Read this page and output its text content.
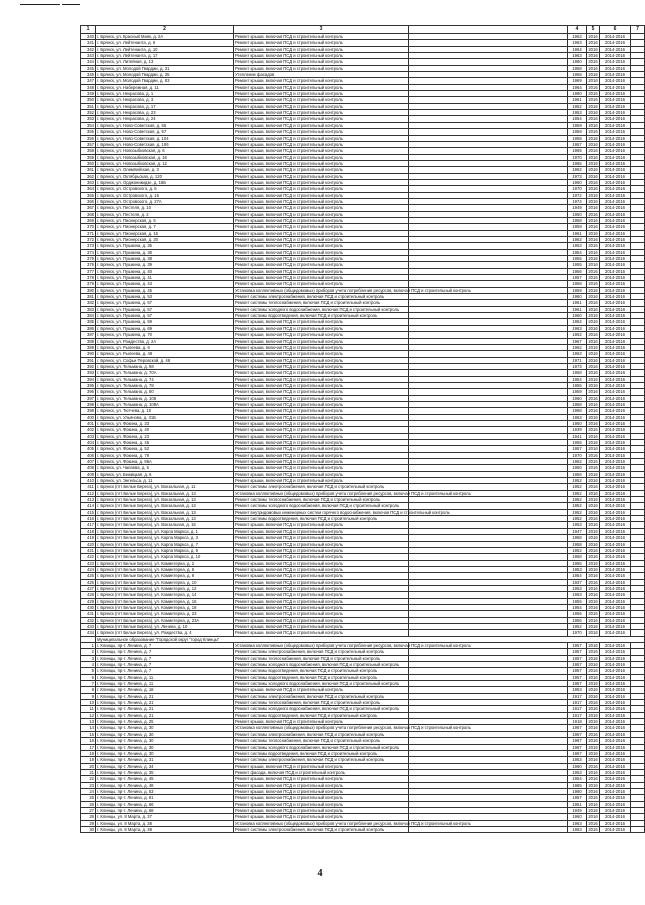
1	2	3		4	5	6	7
340	г. Брянск, ул. Красный Маяк, д. 2А	Ремонт крыши, включая ПСД и строительный контроль		1963	2016	2014-2016	
341	г. Брянск, ул. Лейтенанта, д. 6	Ремонт крыши, включая ПСД и строительный контроль		1963	2016	2014-2016	
342	г. Брянск, ул. Лейтенанта, д. 10	Ремонт крыши, включая ПСД и строительный контроль		1964	2016	2014-2016	
343	г. Брянск, ул. Лейтенанта, д. 17	Ремонт крыши, включая ПСД и строительный контроль		1963	2016	2014-2016	
344	г. Брянск, ул. Литейная, д. 13	Ремонт крыши, включая ПСД и строительный контроль		1960	2016	2014-2016	
345	г. Брянск, ул. Молодой Гвардии, д. 31	Ремонт крыши, включая ПСД и строительный контроль		1958	2016	2014-2016	
346	г. Брянск, ул. Молодой Гвардии, д. 35	Утепление фасадов		1958	2016	2014-2016	
347	г. Брянск, ул. Молодой Гвардии, д. 83	Ремонт крыши, включая ПСД и строительный контроль		1969	2016	2014-2016	
348	г. Брянск, ул. Набережная, д. 11	Ремонт крыши, включая ПСД и строительный контроль		1964	2016	2014-2016	
349	г. Брянск, ул. Некрасова, д. 1	Ремонт крыши, включая ПСД и строительный контроль		1960	2016	2014-2016	
350	г. Брянск, ул. Некрасова, д. 3	Ремонт крыши, включая ПСД и строительный контроль		1961	2016	2014-2016	
351	г. Брянск, ул. Некрасова, д. 17	Ремонт крыши, включая ПСД и строительный контроль		1952	2016	2014-2016	
352	г. Брянск, ул. Некрасова, д. 23	Ремонт крыши, включая ПСД и строительный контроль		1953	2016	2014-2016	
353	г. Брянск, ул. Некрасова, д. 24	Ремонт крыши, включая ПСД и строительный контроль		1954	2016	2014-2016	
354	г. Брянск, ул. Ново-Советская, д. 55	Ремонт крыши, включая ПСД и строительный контроль		1959	2016	2014-2016	
355	г. Брянск, ул. Ново-Советская, д. 57	Ремонт крыши, включая ПСД и строительный контроль		1959	2016	2014-2016	
356	г. Брянск, ул. Ново-Советская, д. 104	Ремонт крыши, включая ПСД и строительный контроль		1958	2016	2014-2016	
357	г. Брянск, ул. Ново-Советская, д. 106	Ремонт крыши, включая ПСД и строительный контроль		1957	2016	2014-2016	
358	г. Брянск, ул. Новозыбковская, д. 6	Ремонт крыши, включая ПСД и строительный контроль		1965	2016	2014-2016	
359	г. Брянск, ул. Новозыбковская, д. 16	Ремонт крыши, включая ПСД и строительный контроль		1970	2016	2014-2016	
360	г. Брянск, ул. Новозыбковская, д. 12	Ремонт крыши, включая ПСД и строительный контроль		1965	2016	2014-2016	
361	г. Брянск, ул. Олимпийская, д. 3	Ремонт крыши, включая ПСД и строительный контроль		1962	2016	2014-2016	
362	г. Брянск, ул. Октябрьская, д. 120	Ремонт крыши, включая ПСД и строительный контроль		1973	2016	2014-2016	
363	г. Брянск, ул. Орджоникидзе, д. 16Б	Ремонт крыши, включая ПСД и строительный контроль		1960	2016	2014-2016	
364	г. Брянск, ул. Островского, д. 5	Ремонт крыши, включая ПСД и строительный контроль		1970	2016	2014-2016	
365	г. Брянск, ул. Островского, д. 15	Ремонт крыши, включая ПСД и строительный контроль		1972	2016	2014-2016	
366	г. Брянск, ул. Островского, д. 27А	Ремонт крыши, включая ПСД и строительный контроль		1974	2016	2014-2016	
367	г. Брянск, ул. Пестеля, д. 10	Ремонт крыши, включая ПСД и строительный контроль		1949	2016	2014-2016	
368	г. Брянск, ул. Пестеля, д. 2	Ремонт крыши, включая ПСД и строительный контроль		1950	2016	2014-2016	
369	г. Брянск, ул. Пионерская, д. 5	Ремонт крыши, включая ПСД и строительный контроль		1958	2016	2014-2016	
370	г. Брянск, ул. Пионерская, д. 7	Ремонт крыши, включая ПСД и строительный контроль		1959	2016	2014-2016	
371	г. Брянск, ул. Пионерская, д. 16	Ремонт крыши, включая ПСД и строительный контроль		1961	2016	2014-2016	
372	г. Брянск, ул. Пионерская, д. 20	Ремонт крыши, включая ПСД и строительный контроль		1962	2016	2014-2016	
373	г. Брянск, ул. Пушкина, д. 35	Ремонт крыши, включая ПСД и строительный контроль		1953	2016	2014-2016	
374	г. Брянск, ул. Пушкина, д. 36	Ремонт крыши, включая ПСД и строительный контроль		1954	2016	2014-2016	
375	г. Брянск, ул. Пушкина, д. 38	Ремонт крыши, включая ПСД и строительный контроль		1955	2016	2014-2016	
376	г. Брянск, ул. Пушкина, д. 39	Ремонт крыши, включая ПСД и строительный контроль		1955	2016	2014-2016	
377	г. Брянск, ул. Пушкина, д. 40	Ремонт крыши, включая ПСД и строительный контроль		1956	2016	2014-2016	
378	г. Брянск, ул. Пушкина, д. 41	Ремонт крыши, включая ПСД и строительный контроль		1957	2016	2014-2016	
379	г. Брянск, ул. Пушкина, д. 43	Ремонт крыши, включая ПСД и строительный контроль		1958	2016	2014-2016	
380	г. Брянск, ул. Пушкина, д. 45	Установка коллективных (общедомовых) приборов учета потребления ресурсов, включая ПСД и строительный контроль		1959	2016	2014-2016	
381	г. Брянск, ул. Пушкина, д. 53	Ремонт системы электроснабжения, включая ПСД и строительный контроль		1960	2016	2014-2016	
382	г. Брянск, ул. Пушкина, д. 57	Ремонт системы теплоснабжения, включая ПСД и строительный контроль		1961	2016	2014-2016	
383	г. Брянск, ул. Пушкина, д. 57	Ремонт системы холодного водоснабжения, включая ПСД и строительный контроль		1961	2016	2014-2016	
384	г. Брянск, ул. Пушкина, д. 57	Ремонт системы водоотведения, включая ПСД и строительный контроль		1960	2016	2014-2016	
385	г. Брянск, ул. Пушкина, д. 59	Ремонт крыши, включая ПСД и строительный контроль		1962	2016	2014-2016	
386	г. Брянск, ул. Пушкина, д. 69	Ремонт крыши, включая ПСД и строительный контроль		1963	2016	2014-2016	
387	г. Брянск, ул. Пушкина, д. 70	Ремонт крыши, включая ПСД и строительный контроль		1962	2016	2014-2016	
388	г. Брянск, ул. Рождества, д. 2А	Ремонт крыши, включая ПСД и строительный контроль		1967	2016	2014-2016	
389	г. Брянск, ул. Рылеева, д. 6	Ремонт крыши, включая ПСД и строительный контроль		1962	2016	2014-2016	
390	г. Брянск, ул. Рылеева, д. 48	Ремонт крыши, включая ПСД и строительный контроль		1963	2016	2014-2016	
391	г. Брянск, ул. Софьи Перовской, д. 48	Ремонт крыши, включая ПСД и строительный контроль		1971	2016	2014-2016	
392	г. Брянск, ул. Тельмана, д. 68	Ремонт крыши, включая ПСД и строительный контроль		1973	2016	2014-2016	
393	г. Брянск, ул. Тельмана, д. 70А	Ремонт крыши, включая ПСД и строительный контроль		1958	2016	2014-2016	
394	г. Брянск, ул. Тельмана, д. 74	Ремонт крыши, включая ПСД и строительный контроль		1954	2016	2014-2016	
395	г. Брянск, ул. Тельмана, д. 78	Ремонт крыши, включая ПСД и строительный контроль		1955	2016	2014-2016	
396	г. Брянск, ул. Тельмана, д. 80	Ремонт крыши, включая ПСД и строительный контроль		1959	2016	2014-2016	
397	г. Брянск, ул. Тельмана, д. 108	Ремонт крыши, включая ПСД и строительный контроль		1960	2016	2014-2016	
398	г. Брянск, ул. Тельмана, д. 108А	Ремонт крыши, включая ПСД и строительный контроль		1958	2016	2014-2016	
399	г. Брянск, ул. Тютчева, д. 10	Ремонт крыши, включая ПСД и строительный контроль		1968	2016	2014-2016	
400	г. Брянск, ул. Ульянова, д. 31Б	Ремонт крыши, включая ПСД и строительный контроль		1963	2016	2014-2016	
401	г. Брянск, ул. Фокина, д. 33	Ремонт крыши, включая ПСД и строительный контроль		1950	2016	2014-2016	
402	г. Брянск, ул. Фокина, д. 40	Ремонт крыши, включая ПСД и строительный контроль		1939	2016	2014-2016	
403	г. Брянск, ул. Фокина, д. 23	Ремонт крыши, включая ПСД и строительный контроль		1941	2016	2014-2016	
404	г. Брянск, ул. Фокина, д. 45	Ремонт крыши, включая ПСД и строительный контроль		1955	2016	2014-2016	
405	г. Брянск, ул. Фокина, д. 52	Ремонт крыши, включая ПСД и строительный контроль		1957	2016	2014-2016	
406	г. Брянск, ул. Фокина, д. 79	Ремонт крыши, включая ПСД и строительный контроль		1970	2016	2014-2016	
407	г. Брянск, ул. Фокина, д. 86А	Ремонт крыши, включая ПСД и строительный контроль		1962	2016	2014-2016	
408	г. Брянск, ул. Чапаева, д. 5	Ремонт крыши, включая ПСД и строительный контроль		1950	2016	2014-2016	
409	г. Брянск, ул. Бежицкая, д. 6	Ремонт крыши, включая ПСД и строительный контроль		1956	2016	2014-2016	
410	г. Брянск, ул. Энгельса, д. 11	Ремонт крыши, включая ПСД и строительный контроль		1952	2016	2014-2016	
411	г. Брянск (пгт Белые Берега), ул. Вокзальная, д. 11	Ремонт системы электроснабжения, включая ПСД и строительный контроль		1952	2016	2014-2016	
412	г. Брянск (пгт Белые Берега), ул. Вокзальная, д. 13	Установка коллективных (общедомовых) приборов учета потребления ресурсов, включая ПСД и строительный контроль		1952	2016	2014-2016	
413	г. Брянск (пгт Белые Берега), ул. Вокзальная, д. 13	Ремонт системы теплоснабжения, включая ПСД и строительный контроль		1952	2016	2014-2016	
414	г. Брянск (пгт Белые Берега), ул. Вокзальная, д. 13	Ремонт системы холодного водоснабжения, включая ПСД и строительный контроль		1952	2016	2014-2016	
415	г. Брянск (пгт Белые Берега), ул. Вокзальная, д. 13	Ремонт внутридомовых инженерных систем горячего водоснабжения, включая ПСД и строительный контроль		1952	2016	2014-2016	
416	г. Брянск (пгт Белые Берега), ул. Вокзальная, д. 13	Ремонт системы водоотведения, включая ПСД и строительный контроль		1952	2016	2014-2016	
417	г. Брянск (пгт Белые Берега), ул. Вокзальная, д. 15	Ремонт крыши, включая ПСД и строительный контроль		1953	2016	2014-2016	
418	г. Брянск (пгт Белые Берега), ул. Карла Маркса, д. 1	Ремонт крыши, включая ПСД и строительный контроль		1947	2016	2014-2016	
419	г. Брянск (пгт Белые Берега), ул. Карла Маркса, д. 3	Ремонт крыши, включая ПСД и строительный контроль		1958	2016	2014-2016	
420	г. Брянск (пгт Белые Берега), ул. Карла Маркса, д. 7	Ремонт крыши, включая ПСД и строительный контроль		1958	2016	2014-2016	
421	г. Брянск (пгт Белые Берега), ул. Карла Маркса, д. 9	Ремонт крыши, включая ПСД и строительный контроль		1952	2016	2014-2016	
422	г. Брянск (пгт Белые Берега), ул. Карла Маркса, д. 10	Ремонт крыши, включая ПСД и строительный контроль		1958	2016	2014-2016	
423	г. Брянск (пгт Белые Берега), ул. Коминтерна, д. 2	Ремонт крыши, включая ПСД и строительный контроль		1955	2016	2014-2016	
424	г. Брянск (пгт Белые Берега), ул. Коминтерна, д. 6	Ремонт крыши, включая ПСД и строительный контроль		1953	2016	2014-2016	
425	г. Брянск (пгт Белые Берега), ул. Коминтерна, д. 8	Ремонт крыши, включая ПСД и строительный контроль		1954	2016	2014-2016	
426	г. Брянск (пгт Белые Берега), ул. Коминтерна, д. 10	Ремонт крыши, включая ПСД и строительный контроль		1937	2016	2014-2016	
427	г. Брянск (пгт Белые Берега), ул. Коминтерна, д. 12	Ремонт крыши, включая ПСД и строительный контроль		1953	2016	2014-2016	
428	г. Брянск (пгт Белые Берега), ул. Коминтерна, д. 14	Ремонт крыши, включая ПСД и строительный контроль		1953	2016	2014-2016	
429	г. Брянск (пгт Белые Берега), ул. Коминтерна, д. 16	Ремонт крыши, включая ПСД и строительный контроль		1955	2016	2014-2016	
430	г. Брянск (пгт Белые Берега), ул. Коминтерна, д. 18	Ремонт крыши, включая ПСД и строительный контроль		1954	2016	2014-2016	
431	г. Брянск (пгт Белые Берега), ул. Коминтерна, д. 23	Ремонт крыши, включая ПСД и строительный контроль		1956	2016	2014-2016	
432	г. Брянск (пгт Белые Берега), ул. Коминтерна, д. 23А	Ремонт крыши, включая ПСД и строительный контроль		1956	2016	2014-2016	
433	г. Брянск (пгт Белые Берега), ул. Ленина, д. 10	Ремонт крыши, включая ПСД и строительный контроль		1952	2016	2014-2016	
434	г. Брянск (пгт Белые Берега), ул. Рождества, д. 4	Ремонт крыши, включая ПСД и строительный контроль		1970	2016	2014-2016	
	Муниципальное образование "Городской округ "город Клинцы"						
1	г. Клинцы, пр-т. Ленина, д. 7	Установка коллективных (общедомовых) приборов учета потребления ресурсов, включая ПСД и строительный контроль		1957	2016	2014-2016	
2	г. Клинцы, пр-т. Ленина, д. 7	Ремонт системы электроснабжения, включая ПСД и строительный контроль		1957	2016	2014-2016	
3	г. Клинцы, пр-т. Ленина, д. 7	Ремонт системы теплоснабжения, включая ПСД и строительный контроль		1957	2016	2014-2016	
4	г. Клинцы, пр-т. Ленина, д. 7	Ремонт системы холодного водоснабжения, включая ПСД и строительный контроль		1957	2016	2014-2016	
5	г. Клинцы, пр-т. Ленина, д. 7	Ремонт системы водоотведения, включая ПСД и строительный контроль		1957	2016	2014-2016	
6	г. Клинцы, пр-т. Ленина, д. 11	Ремонт системы водоотведения, включая ПСД и строительный контроль		1957	2016	2014-2016	
7	г. Клинцы, пр-т. Ленина, д. 11	Ремонт системы холодного водоснабжения, включая ПСД и строительный контроль		1957	2016	2014-2016	
8	г. Клинцы, пр-т. Ленина, д. 18	Ремонт крыши, включая ПСД и строительный контроль		1953	2016	2014-2016	
9	г. Клинцы, пр-т. Ленина, д. 21	Ремонт системы электроснабжения, включая ПСД и строительный контроль		1917	2016	2014-2016	
10	г. Клинцы, пр-т. Ленина, д. 21	Ремонт системы теплоснабжения, включая ПСД и строительный контроль		1917	2016	2014-2016	
11	г. Клинцы, пр-т. Ленина, д. 21	Ремонт системы холодного водоснабжения, включая ПСД и строительный контроль		1917	2016	2014-2016	
12	г. Клинцы, пр-т. Ленина, д. 21	Ремонт системы водоотведения, включая ПСД и строительный контроль		1917	2016	2014-2016	
13	г. Клинцы, пр-т. Ленина, д. 25	Ремонт крыши, включая ПСД и строительный контроль		1918	2016	2014-2016	
14	г. Клинцы, пр-т. Ленина, д. 30	Установка коллективных (общедомовых) приборов учета потребления ресурсов, включая ПСД и строительный контроль		1967	2016	2014-2016	
15	г. Клинцы, пр-т. Ленина, д. 30	Ремонт системы электроснабжения, включая ПСД и строительный контроль		1967	2016	2014-2016	
16	г. Клинцы, пр-т. Ленина, д. 30	Ремонт системы теплоснабжения, включая ПСД и строительный контроль		1967	2016	2014-2016	
17	г. Клинцы, пр-т. Ленина, д. 30	Ремонт системы холодного водоснабжения, включая ПСД и строительный контроль		1967	2016	2014-2016	
18	г. Клинцы, пр-т. Ленина, д. 30	Ремонт системы водоотведения, включая ПСД и строительный контроль		1967	2016	2014-2016	
19	г. Клинцы, пр-т. Ленина, д. 31	Ремонт системы электроснабжения, включая ПСД и строительный контроль		1953	2016	2014-2016	
20	г. Клинцы, пр-т. Ленина, д. 34	Ремонт крыши, включая ПСД и строительный контроль		1960	2016	2014-2016	
21	г. Клинцы, пр-т. Ленина, д. 35	Ремонт фасада, включая ПСД и строительный контроль		1953	2016	2014-2016	
22	г. Клинцы, пр-т. Ленина, д. 45	Ремонт крыши, включая ПСД и строительный контроль		1954	2016	2014-2016	
23	г. Клинцы, пр-т. Ленина, д. 48	Ремонт крыши, включая ПСД и строительный контроль		1965	2016	2014-2016	
24	г. Клинцы, пр-т. Ленина, д. 53	Ремонт крыши, включая ПСД и строительный контроль		1960	2016	2014-2016	
25	г. Клинцы, пр-т. Ленина, д. 61	Ремонт крыши, включая ПСД и строительный контроль		1957	2016	2014-2016	
26	г. Клинцы, пр-т. Ленина, д. 66	Ремонт крыши, включая ПСД и строительный контроль		1951	2016	2014-2016	
27	г. Клинцы, пр-т. Ленина, д. 68	Ремонт крыши, включая ПСД и строительный контроль		1949	2016	2014-2016	
28	г. Клинцы, ул. 8 Марта, д. 37	Ремонт крыши, включая ПСД и строительный контроль		1960	2016	2014-2016	
29	г. Клинцы, ул. 8 Марта, д. 38	Установка коллективных (общедомовых) приборов учета потребления ресурсов, включая ПСД и строительный контроль		1963	2016	2014-2016	
30	г. Клинцы, ул. 8 Марта, д. 38	Ремонт системы электроснабжения, включая ПСД и строительный контроль		1963	2016	2014-2016	
4
